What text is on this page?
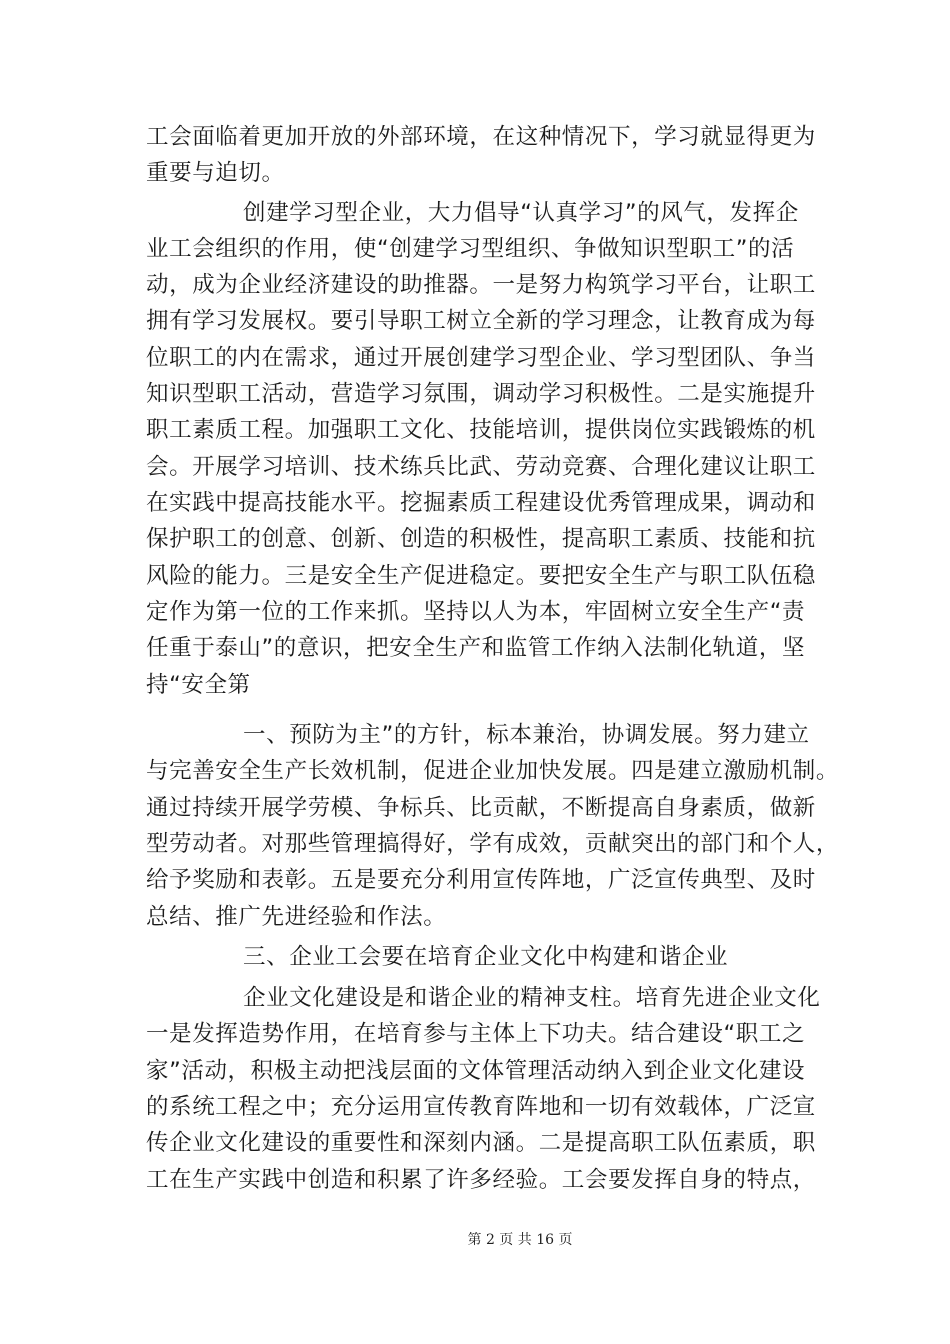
工会面临着更加开放的外部环境，在这种情况下，学习就显得更为
重要与迫切。
创建学习型企业，大力倡导“认真学习”的风气，发挥企
业工会组织的作用，使“创建学习型组织、争做知识型职工”的活
动，成为企业经济建设的助推器。一是努力构筑学习平台，让职工
拥有学习发展权。要引导职工树立全新的学习理念，让教育成为每
位职工的内在需求，通过开展创建学习型企业、学习型团队、争当
知识型职工活动，营造学习氛围，调动学习积极性。二是实施提升
职工素质工程。加强职工文化、技能培训，提供岗位实践锻炼的机
会。开展学习培训、技术练兵比武、劳动竞赛、合理化建议让职工
在实践中提高技能水平。挖掘素质工程建设优秀管理成果，调动和
保护职工的创意、创新、创造的积极性，提高职工素质、技能和抗
风险的能力。三是安全生产促进稳定。要把安全生产与职工队伍稳
定作为第一位的工作来抓。坚持以人为本，牢固树立安全生产“责
任重于泰山”的意识，把安全生产和监管工作纳入法制化轨道，坚
持“安全第
一、预防为主”的方针，标本兼治，协调发展。努力建立
与完善安全生产长效机制，促进企业加快发展。四是建立激励机制。
通过持续开展学劳模、争标兵、比贡献，不断提高自身素质，做新
型劳动者。对那些管理搞得好，学有成效，贡献突出的部门和个人，
给予奖励和表彰。五是要充分利用宣传阵地，广泛宣传典型、及时
总结、推广先进经验和作法。
三、企业工会要在培育企业文化中构建和谐企业
企业文化建设是和谐企业的精神支柱。培育先进企业文化
一是发挥造势作用，在培育参与主体上下功夫。结合建设“职工之
家”活动，积极主动把浅层面的文体管理活动纳入到企业文化建设
的系统工程之中；充分运用宣传教育阵地和一切有效载体，广泛宣
传企业文化建设的重要性和深刻内涵。二是提高职工队伍素质，职
工在生产实践中创造和积累了许多经验。工会要发挥自身的特点，
第 2 页 共 16 页
